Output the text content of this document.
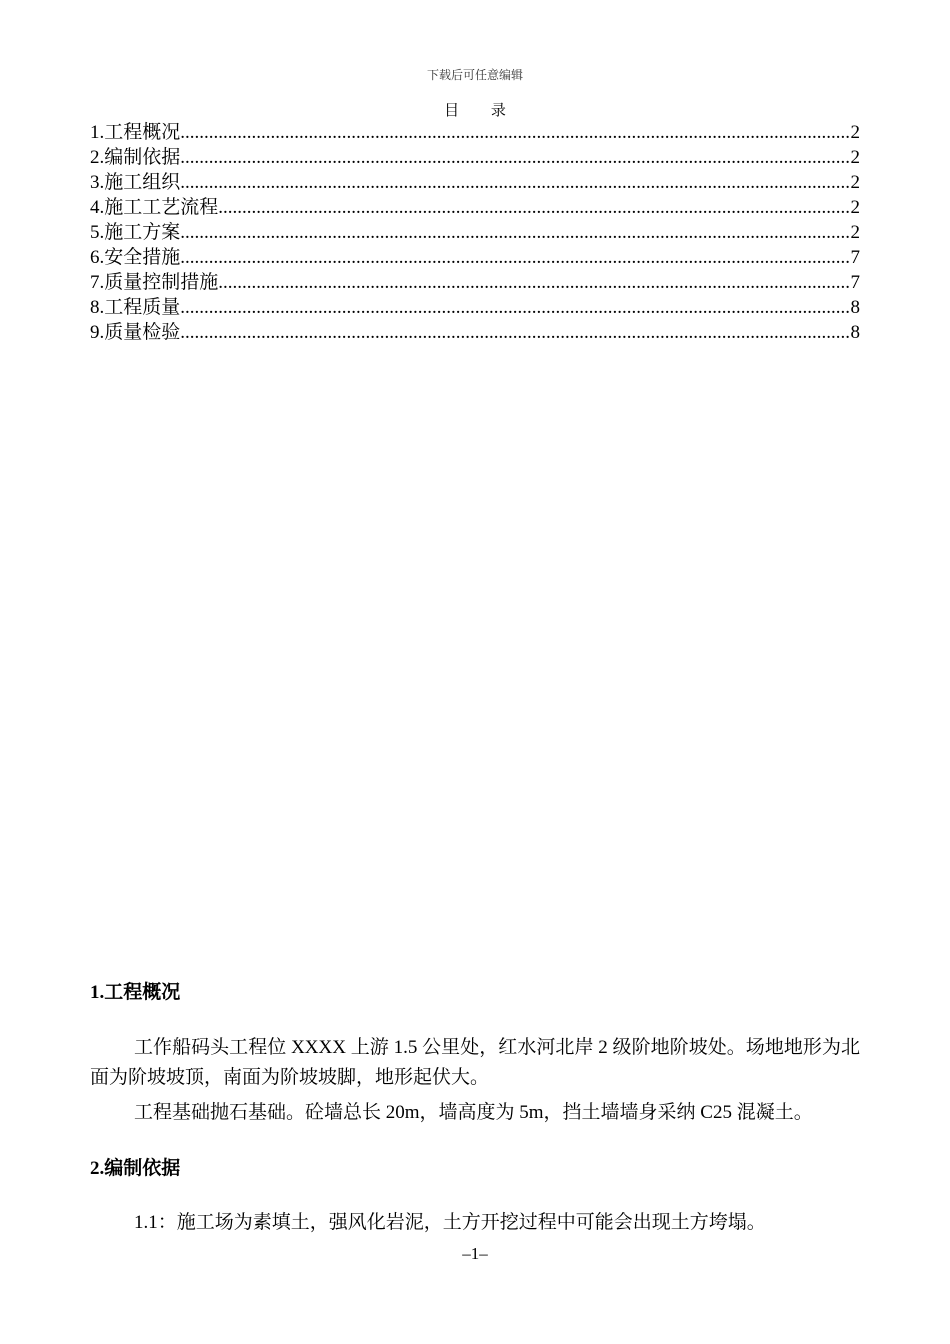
下载后可任意编辑
目 录
1.工程概况 .....	2
2.编制依据 .....	2
3.施工组织 .....	2
4.施工工艺流程 .....	2
5.施工方案 .....	2
6.安全措施 .....	7
7.质量控制措施 .....	7
8.工程质量 .....	8
9.质量检验 .....	8
1.工程概况

工作船码头工程位 XXXX 上游 1.5 公里处，红水河北岸 2 级阶地阶坡处。场地地形为北面为阶坡坡顶，南面为阶坡坡脚，地形起伏大。

工程基础抛石基础。砼墙总长 20m，墙高度为 5m，挡土墙墙身采纳 C25 混凝土。

2.编制依据

1.1：施工场为素填土，强风化岩泥，土方开挖过程中可能会出现土方垮塌。

–1–
